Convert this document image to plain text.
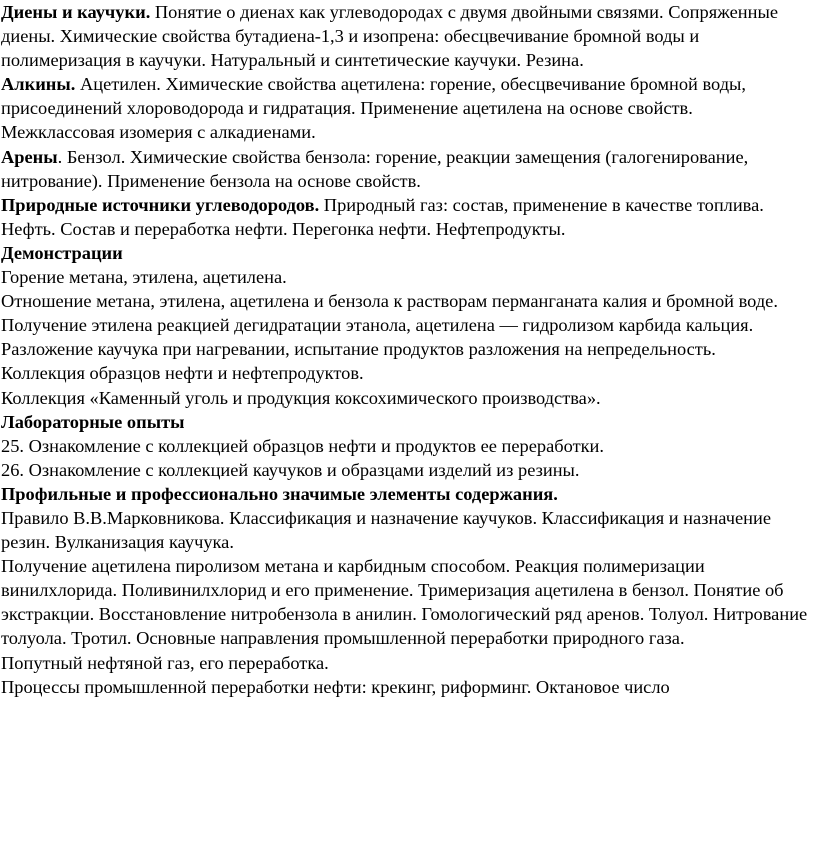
Диены и каучуки. Понятие о диенах как углеводородах с двумя двойными связями. Сопряженные диены. Химические свойства бутадиена-1,3 и изопрена: обесцвечивание бромной воды и полимеризация в каучуки. Натуральный и синтетические каучуки. Резина.

Алкины. Ацетилен. Химические свойства ацетилена: горение, обесцвечивание бромной воды, присоединений хлороводорода и гидратация. Применение ацетилена на основе свойств. Межклассовая изомерия с алкадиенами.

Арены. Бензол. Химические свойства бензола: горение, реакции замещения (галогенирование, нитрование). Применение бензола на основе свойств.

Природные источники углеводородов. Природный газ: состав, применение в качестве топлива. Нефть. Состав и переработка нефти. Перегонка нефти. Нефтепродукты.

Демонстрации

Горение метана, этилена, ацетилена.

Отношение метана, этилена, ацетилена и бензола к растворам перманганата калия и бромной воде.

Получение этилена реакцией дегидратации этанола, ацетилена — гидролизом карбида кальция.

Разложение каучука при нагревании, испытание продуктов разложения на непредельность.

Коллекция образцов нефти и нефтепродуктов.

Коллекция «Каменный уголь и продукция коксохимического производства».

Лабораторные опыты

25. Ознакомление с коллекцией образцов нефти и продуктов ее переработки.

26. Ознакомление с коллекцией каучуков и образцами изделий из резины.

Профильные и профессионально значимые элементы содержания.

Правило В.В.Марковникова. Классификация и назначение каучуков. Классификация и назначение резин. Вулканизация каучука.

Получение ацетилена пиролизом метана и карбидным способом. Реакция полимеризации винилхлорида. Поливинилхлорид и его применение. Тримеризация ацетилена в бензол. Понятие об экстракции. Восстановление нитробензола в анилин. Гомологический ряд аренов. Толуол. Нитрование толуола. Тротил. Основные направления промышленной переработки природного газа.

Попутный нефтяной газ, его переработка.

Процессы промышленной переработки нефти: крекинг, риформинг. Октановое число
